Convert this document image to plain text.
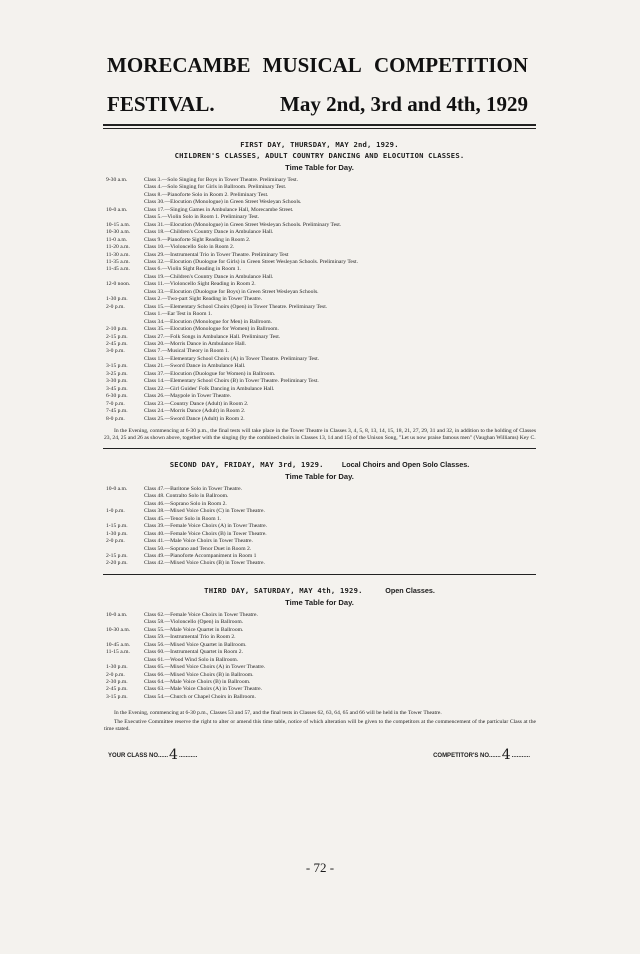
MORECAMBE MUSICAL COMPETITION
FESTIVAL.	May 2nd, 3rd and 4th, 1929
FIRST DAY, THURSDAY, MAY 2nd, 1929.
CHILDREN'S CLASSES, ADULT COUNTRY DANCING AND ELOCUTION CLASSES.
Time Table for Day.
9-30 a.m.	Class 3.—Solo Singing for Boys in Tower Theatre. Preliminary Test.
Class 4.—Solo Singing for Girls in Ballroom. Preliminary Test.
Class 8.—Pianoforte Solo in Room 2. Preliminary Test.
Class 30.—Elocution (Monologue) in Green Street Wesleyan Schools.
10-0 a.m.	Class 17.—Singing Games in Ambulance Hall, Morecambe Street.
Class 5.—Violin Solo in Room 1. Preliminary Test.
10-15 a.m.	Class 31.—Elocution (Monologue) in Green Street Wesleyan Schools. Preliminary Test.
10-30 a.m.	Class 18.—Children's Country Dance in Ambulance Hall.
11-0 a.m.	Class 9.—Pianoforte Sight Reading in Room 2.
11-20 a.m.	Class 10.—Violoncello Solo in Room 2.
11-30 a.m.	Class 29.—Instrumental Trio in Tower Theatre. Preliminary Test
11-35 a.m.	Class 32.—Elocution (Duologue for Girls) in Green Street Wesleyan Schools. Preliminary Test.
11-45 a.m.	Class 6.—Violin Sight Reading in Room 1.
Class 19.—Children's Country Dance in Ambulance Hall.
12-0 noon.	Class 11.—Violoncello Sight Reading in Room 2.
Class 33.—Elocution (Duologue for Boys) in Green Street Wesleyan Schools.
1-30 p.m.	Class 2.—Two-part Sight Reading in Tower Theatre.
2-0 p.m.	Class 15.—Elementary School Choirs (Open) in Tower Theatre. Preliminary Test.
Class 1.—Ear Test in Room 1.
Class 34.—Elocution (Monologue for Men) in Ballroom.
2-10 p.m.	Class 35.—Elocution (Monologue for Women) in Ballroom.
2-15 p.m.	Class 27.—Folk Songs in Ambulance Hall. Preliminary Test.
2-45 p.m.	Class 20.—Morris Dance in Ambulance Hall.
3-0 p.m.	Class 7.—Musical Theory in Room 1.
Class 13.—Elementary School Choirs (A) in Tower Theatre. Preliminary Test.
3-15 p.m.	Class 21.—Sword Dance in Ambulance Hall.
3-25 p.m.	Class 37.—Elocution (Duologue for Women) in Ballroom.
3-30 p.m.	Class 14.—Elementary School Choirs (B) in Tower Theatre. Preliminary Test.
3-45 p.m.	Class 22.—Girl Guides' Folk Dancing in Ambulance Hall.
6-30 p.m.	Class 26.—Maypole in Tower Theatre.
7-0 p.m.	Class 23.—Country Dance (Adult) in Room 2.
7-45 p.m.	Class 24.—Morris Dance (Adult) in Room 2.
8-0 p.m.	Class 25.—Sword Dance (Adult) in Room 2.
In the Evening, commencing at 6-30 p.m., the final tests will take place in the Tower Theatre in Classes 3, 4, 5, 8, 13, 14, 15, 18, 21, 27, 29, 31 and 32, in addition to the holding of Classes 23, 24, 25 and 26 as shown above, together with the singing (by the combined choirs in Classes 13, 14 and 15) of the Unison Song, "Let us now praise famous men" (Vaughan Williams) Key C.
SECOND DAY, FRIDAY, MAY 3rd, 1929.	Local Choirs and Open Solo Classes.
Time Table for Day.
10-0 a.m.	Class 47.—Baritone Solo in Tower Theatre.
Class 48. Contralto Solo in Ballroom.
Class 46.—Soprano Solo in Room 2.
1-0 p.m.	Class 38.—Mixed Voice Choirs (C) in Tower Theatre.
Class 45.—Tenor Solo in Room 1.
1-15 p.m.	Class 39.—Female Voice Choirs (A) in Tower Theatre.
1-30 p.m.	Class 40.—Female Voice Choirs (B) in Tower Theatre.
2-0 p.m.	Class 41.—Male Voice Choirs in Tower Theatre.
Class 50.—Soprano and Tenor Duet in Room 2.
2-15 p.m.	Class 49.—Pianoforte Accompaniment in Room 1
2-20 p.m.	Class 42.—Mixed Voice Choirs (B) in Tower Theatre.
THIRD DAY, SATURDAY, MAY 4th, 1929.	Open Classes.
Time Table for Day.
10-0 a.m.	Class 62.—Female Voice Choirs in Tower Theatre.
Class 58.—Violoncello (Open) in Ballroom.
10-30 a.m.	Class 55.—Male Voice Quartet in Ballroom.
Class 59.—Instrumental Trio in Room 2.
10-45 a.m.	Class 56.—Mixed Voice Quartet in Ballroom.
11-15 a.m.	Class 60.—Instrumental Quartet in Room 2.
Class 61.—Wood Wind Solo in Ballroom.
1-30 p.m.	Class 65.—Mixed Voice Choirs (A) in Tower Theatre.
2-0 p.m.	Class 66.—Mixed Voice Choirs (B) in Ballroom.
2-30 p.m.	Class 64.—Male Voice Choirs (B) in Ballroom.
2-45 p.m.	Class 63.—Male Voice Choirs (A) in Tower Theatre.
3-15 p.m.	Class 54.—Church or Chapel Choirs in Ballroom.
In the Evening, commencing at 6-30 p.m., Classes 53 and 57, and the final tests in Classes 62, 63, 64, 65 and 66 will be held in the Tower Theatre.
The Executive Committee reserve the right to alter or amend this time table, notice of which alteration will be given to the competitors at the commencement of the particular Class at the time stated.
YOUR CLASS NO......4...........	COMPETITOR'S NO.......4...........
- 72 -
